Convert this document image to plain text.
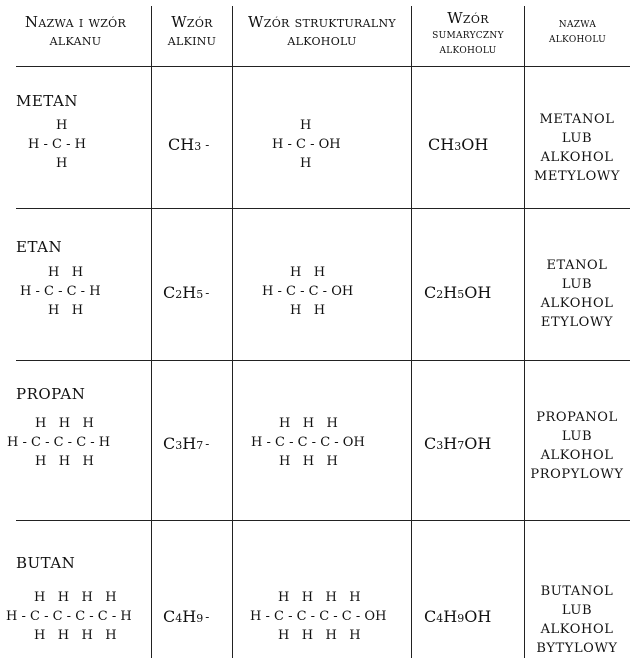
Nazwa i wzór
alkanu
Wzór
alkinu
Wzór strukturalny
alkoholu
Wzór
sumaryczny
alkoholu
nazwa
alkoholu
METAN
H
H - C - H
H
$CH_3$ -
H
H - C - OH
H
$CH_3$ OH
METANOL
LUB
ALKOHOL
METYLOWY
ETAN
H   H
H - C - C - H
H   H
$C_2$ $H_5$ -
H   H
H - C - C - OH
H   H
$C_2$ $H_5$ OH
ETANOL
LUB
ALKOHOL
ETYLOWY
PROPAN
H   H   H
H - C - C - C - H
H   H   H
$C_3$ $H_7$ -
H   H   H
H - C - C - C - OH
H   H   H
$C_3$ $H_7$ OH
PROPANOL
LUB
ALKOHOL
PROPYLOWY
BUTAN
H   H   H   H
H - C - C - C - C - H
H   H   H   H
$C_4$ $H_9$ -
H   H   H   H
H - C - C - C - C - OH
H   H   H   H
$C_4$ $H_9$ OH
BUTANOL
LUB
ALKOHOL
BYTYLOWY
